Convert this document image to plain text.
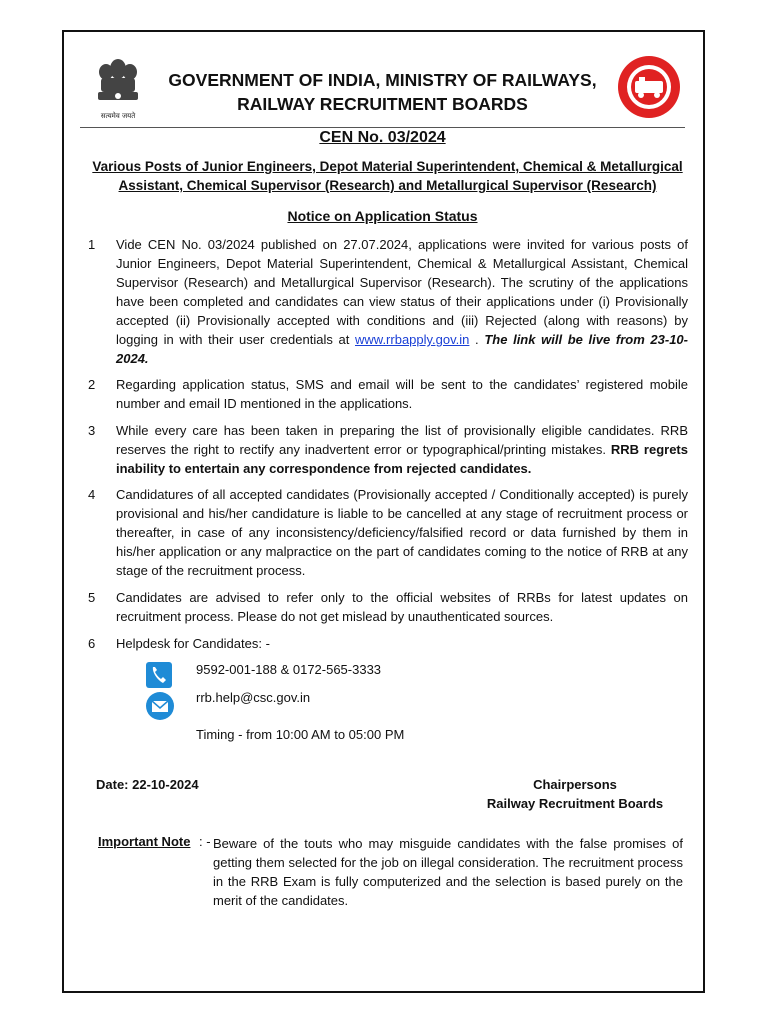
सत्यमेव जयते
GOVERNMENT OF INDIA, MINISTRY OF RAILWAYS,
RAILWAY RECRUITMENT BOARDS
CEN No. 03/2024
Various Posts of Junior Engineers, Depot Material Superintendent, Chemical & Metallurgical Assistant, Chemical Supervisor (Research) and Metallurgical Supervisor (Research)
Notice on Application Status
1 Vide CEN No. 03/2024 published on 27.07.2024, applications were invited for various posts of Junior Engineers, Depot Material Superintendent, Chemical & Metallurgical Assistant, Chemical Supervisor (Research) and Metallurgical Supervisor (Research). The scrutiny of the applications have been completed and candidates can view status of their applications under (i) Provisionally accepted (ii) Provisionally accepted with conditions and (iii) Rejected (along with reasons) by logging in with their user credentials at www.rrbapply.gov.in . The link will be live from 23-10-2024.
2 Regarding application status, SMS and email will be sent to the candidates’ registered mobile number and email ID mentioned in the applications.
3 While every care has been taken in preparing the list of provisionally eligible candidates. RRB reserves the right to rectify any inadvertent error or typographical/printing mistakes. RRB regrets inability to entertain any correspondence from rejected candidates.
4 Candidatures of all accepted candidates (Provisionally accepted / Conditionally accepted) is purely provisional and his/her candidature is liable to be cancelled at any stage of recruitment process or thereafter, in case of any inconsistency/deficiency/falsified record or data furnished by them in his/her application or any malpractice on the part of candidates coming to the notice of RRB at any stage of the recruitment process.
5 Candidates are advised to refer only to the official websites of RRBs for latest updates on recruitment process. Please do not get mislead by unauthenticated sources.
6 Helpdesk for Candidates: -
9592-001-188 & 0172-565-3333
rrb.help@csc.gov.in
Timing - from 10:00 AM to 05:00 PM
Date: 22-10-2024	Chairpersons
Railway Recruitment Boards
Important Note : - Beware of the touts who may misguide candidates with the false promises of getting them selected for the job on illegal consideration. The recruitment process in the RRB Exam is fully computerized and the selection is based purely on the merit of the candidates.
